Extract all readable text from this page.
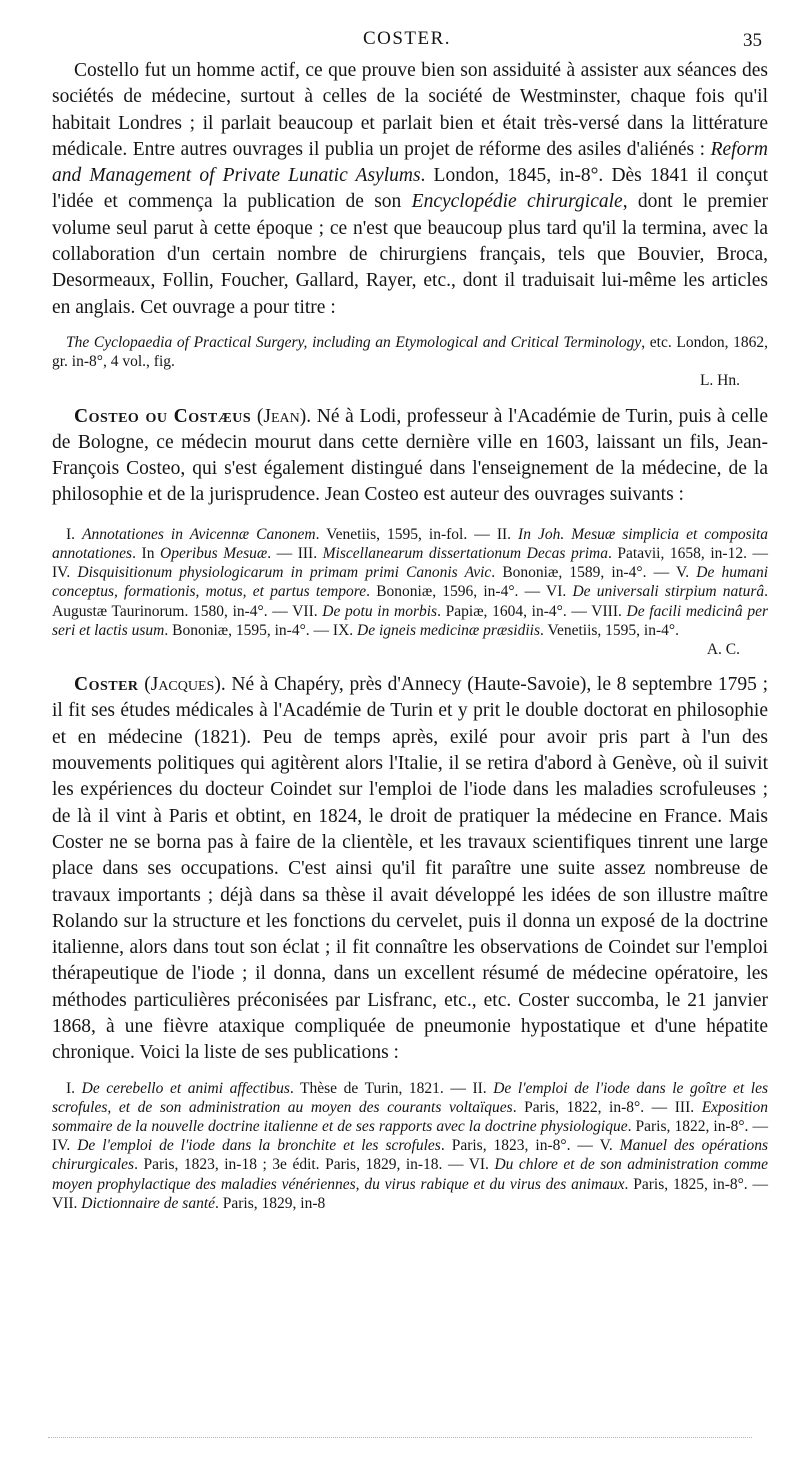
COSTER.	35

Costello fut un homme actif, ce que prouve bien son assiduité à assister aux séances des sociétés de médecine, surtout à celles de la société de Westminster, chaque fois qu'il habitait Londres ; il parlait beaucoup et parlait bien et était très-versé dans la littérature médicale. Entre autres ouvrages il publia un projet de réforme des asiles d'aliénés : Reform and Management of Private Lunatic Asylums. London, 1845, in-8°. Dès 1841 il conçut l'idée et commença la publication de son Encyclopédie chirurgicale, dont le premier volume seul parut à cette époque ; ce n'est que beaucoup plus tard qu'il la termina, avec la collaboration d'un certain nombre de chirurgiens français, tels que Bouvier, Broca, Desormeaux, Follin, Foucher, Gallard, Rayer, etc., dont il traduisait lui-même les articles en anglais. Cet ouvrage a pour titre :

The Cyclopaedia of Practical Surgery, including an Etymological and Critical Terminology, etc. London, 1862, gr. in-8°, 4 vol., fig.
L. Hn.

Costeo ou Costæus (Jean). Né à Lodi, professeur à l'Académie de Turin, puis à celle de Bologne, ce médecin mourut dans cette dernière ville en 1603, laissant un fils, Jean-François Costeo, qui s'est également distingué dans l'enseignement de la médecine, de la philosophie et de la jurisprudence. Jean Costeo est auteur des ouvrages suivants :

I. Annotationes in Avicennæ Canonem. Venetiis, 1595, in-fol. — II. In Joh. Mesuæ simplicia et composita annotationes. In Operibus Mesuæ. — III. Miscellanearum dissertationum Decas prima. Patavii, 1658, in-12. — IV. Disquisitionum physiologicarum in primam primi Canonis Avic. Bononiæ, 1589, in-4°. — V. De humani conceptus, formationis, motus, et partus tempore. Bononiæ, 1596, in-4°. — VI. De universali stirpium naturâ. Augustæ Taurinorum. 1580, in-4°. — VII. De potu in morbis. Papiæ, 1604, in-4°. — VIII. De facili medicinâ per seri et lactis usum. Bononiæ, 1595, in-4°. — IX. De igneis medicinæ præsidiis. Venetiis, 1595, in-4°.
A. C.

Coster (Jacques). Né à Chapéry, près d'Annecy (Haute-Savoie), le 8 septembre 1795 ; il fit ses études médicales à l'Académie de Turin et y prit le double doctorat en philosophie et en médecine (1821). Peu de temps après, exilé pour avoir pris part à l'un des mouvements politiques qui agitèrent alors l'Italie, il se retira d'abord à Genève, où il suivit les expériences du docteur Coindet sur l'emploi de l'iode dans les maladies scrofuleuses ; de là il vint à Paris et obtint, en 1824, le droit de pratiquer la médecine en France. Mais Coster ne se borna pas à faire de la clientèle, et les travaux scientifiques tinrent une large place dans ses occupations. C'est ainsi qu'il fit paraître une suite assez nombreuse de travaux importants ; déjà dans sa thèse il avait développé les idées de son illustre maître Rolando sur la structure et les fonctions du cervelet, puis il donna un exposé de la doctrine italienne, alors dans tout son éclat ; il fit connaître les observations de Coindet sur l'emploi thérapeutique de l'iode ; il donna, dans un excellent résumé de médecine opératoire, les méthodes particulières préconisées par Lisfranc, etc., etc. Coster succomba, le 21 janvier 1868, à une fièvre ataxique compliquée de pneumonie hypostatique et d'une hépatite chronique. Voici la liste de ses publications :

I. De cerebello et animi affectibus. Thèse de Turin, 1821. — II. De l'emploi de l'iode dans le goître et les scrofules, et de son administration au moyen des courants voltaïques. Paris, 1822, in-8°. — III. Exposition sommaire de la nouvelle doctrine italienne et de ses rapports avec la doctrine physiologique. Paris, 1822, in-8°. — IV. De l'emploi de l'iode dans la bronchite et les scrofules. Paris, 1823, in-8°. — V. Manuel des opérations chirurgicales. Paris, 1823, in-18 ; 3e édit. Paris, 1829, in-18. — VI. Du chlore et de son administration comme moyen prophylactique des maladies vénériennes, du virus rabique et du virus des animaux. Paris, 1825, in-8°. — VII. Dictionnaire de santé. Paris, 1829, in-8
